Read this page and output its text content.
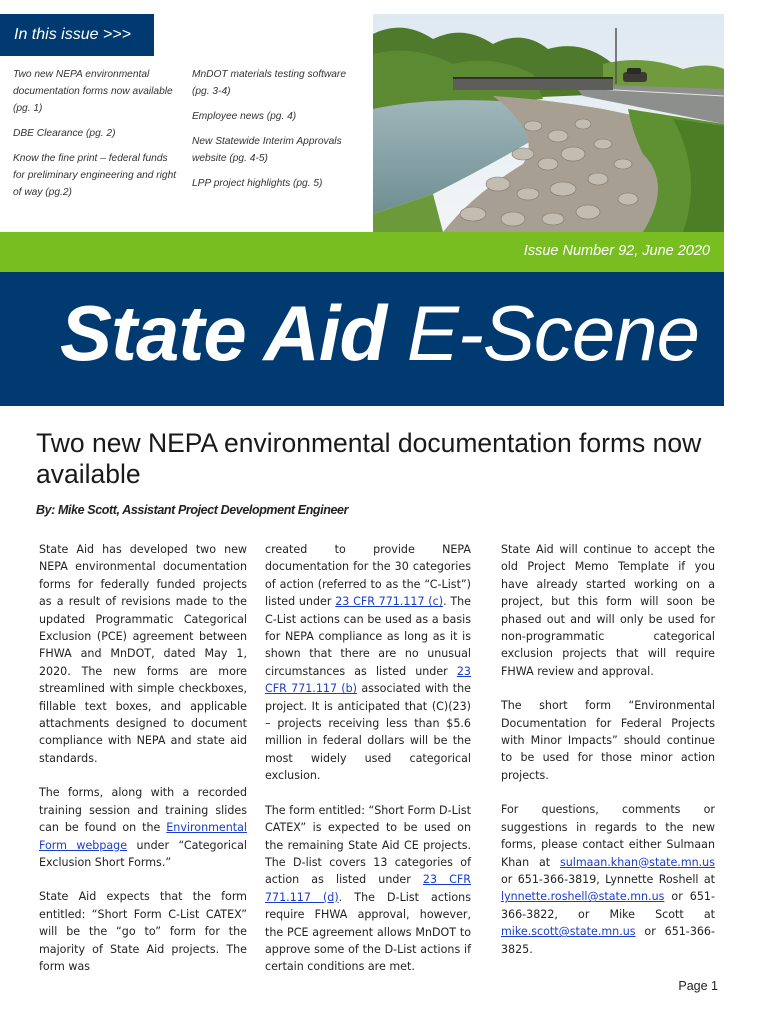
In this issue >>>
Two new NEPA environmental documentation forms now available (pg. 1)
DBE Clearance (pg. 2)
Know the fine print – federal funds for preliminary engineering and right of way (pg.2)
MnDOT materials testing software (pg. 3-4)
Employee news (pg. 4)
New Statewide Interim Approvals website (pg. 4-5)
LPP project highlights (pg. 5)
Issue Number 92, June 2020
State Aid E-Scene
Two new NEPA environmental documentation forms now available
By: Mike Scott, Assistant Project Development Engineer

State Aid has developed two new NEPA environmental documentation forms for federally funded projects as a result of revisions made to the updated Programmatic Categorical Exclusion (PCE) agreement between FHWA and MnDOT, dated May 1, 2020. The new forms are more streamlined with simple checkboxes, fillable text boxes, and applicable attachments designed to document compliance with NEPA and state aid standards.

The forms, along with a recorded training session and training slides can be found on the Environmental Form webpage under “Categorical Exclusion Short Forms.”

State Aid expects that the form entitled: “Short Form C-List CATEX” will be the “go to” form for the majority of State Aid projects. The form was

created to provide NEPA documentation for the 30 categories of action (referred to as the “C-List”) listed under 23 CFR 771.117 (c). The C-List actions can be used as a basis for NEPA compliance as long as it is shown that there are no unusual circumstances as listed under 23 CFR 771.117 (b) associated with the project. It is anticipated that (C)(23) – projects receiving less than $5.6 million in federal dollars will be the most widely used categorical exclusion.

The form entitled: “Short Form D-List CATEX” is expected to be used on the remaining State Aid CE projects. The D-list covers 13 categories of action as listed under 23 CFR 771.117 (d). The D-List actions require FHWA approval, however, the PCE agreement allows MnDOT to approve some of the D-List actions if certain conditions are met.

State Aid will continue to accept the old Project Memo Template if you have already started working on a project, but this form will soon be phased out and will only be used for non-programmatic categorical exclusion projects that will require FHWA review and approval.

The short form “Environmental Documentation for Federal Projects with Minor Impacts” should continue to be used for those minor action projects.

For questions, comments or suggestions in regards to the new forms, please contact either Sulmaan Khan at sulmaan.khan@state.mn.us or 651-366-3819, Lynnette Roshell at lynnette.roshell@state.mn.us or 651-366-3822, or Mike Scott at mike.scott@state.mn.us or 651-366-3825.

Page 1
